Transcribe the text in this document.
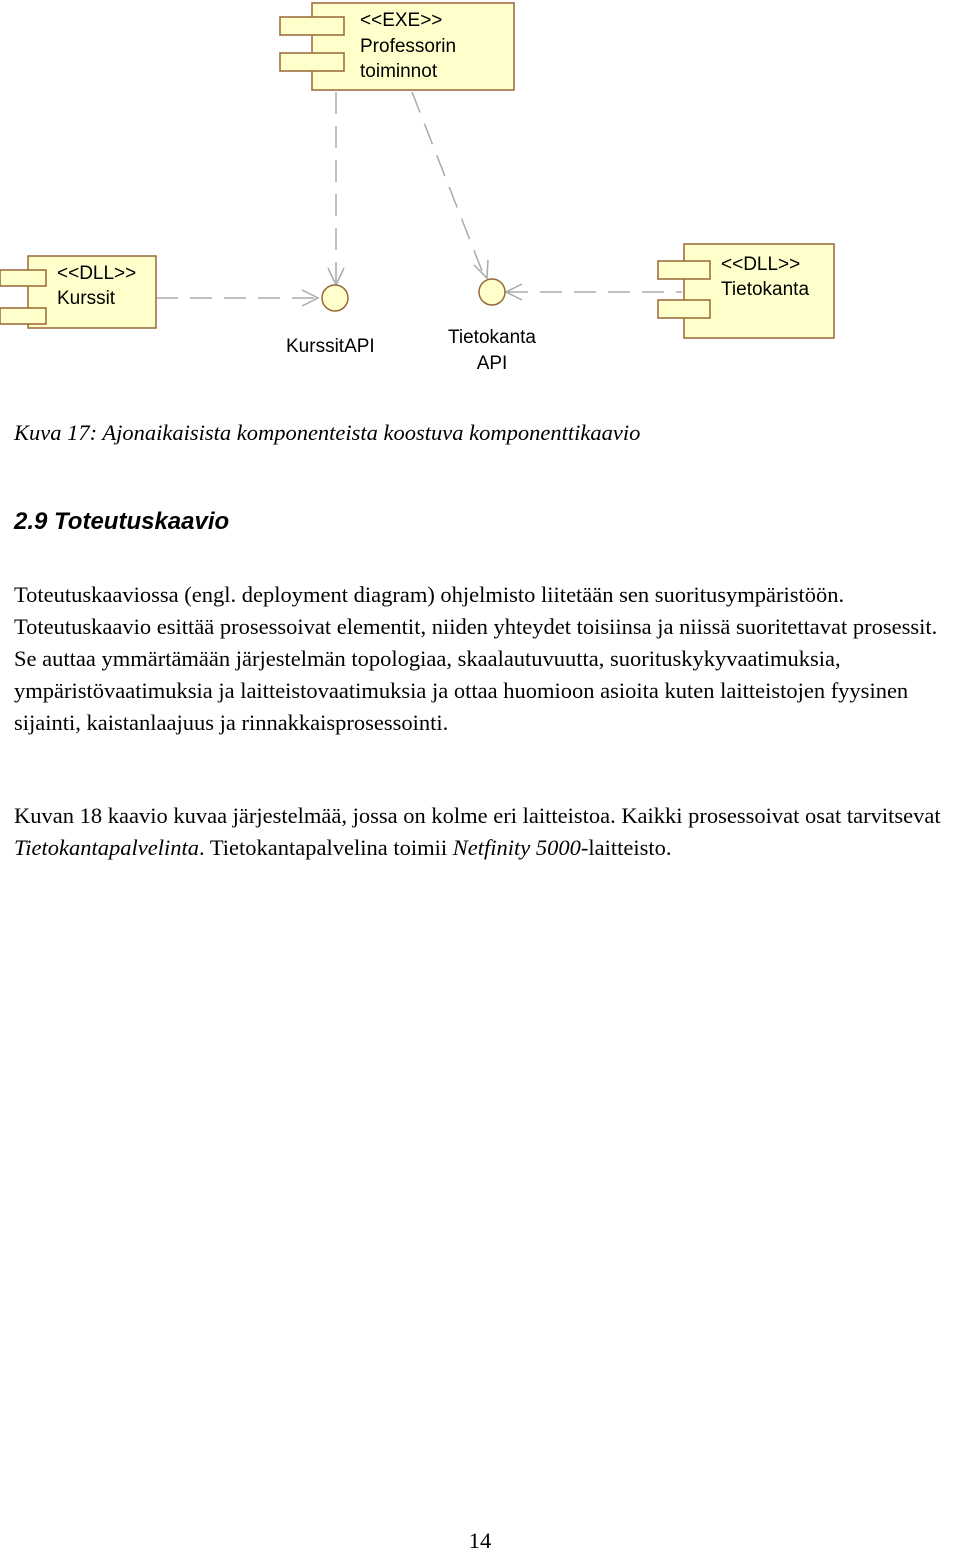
<<EXE>>
Professorin
toiminnot
<<DLL>>
Kurssit
<<DLL>>
Tietokanta
KurssitAPI	Tietokanta
API

Kuva 17: Ajonaikaisista komponenteista koostuva komponenttikaavio

2.9 Toteutuskaavio

Toteutuskaaviossa (engl. deployment diagram) ohjelmisto liitetään sen suoritusympäristöön. Toteutuskaavio esittää prosessoivat elementit, niiden yhteydet toisiinsa ja niissä suoritettavat prosessit. Se auttaa ymmärtämään järjestelmän topologiaa, skaalautuvuutta, suorituskykyvaatimuksia, ympäristövaatimuksia ja laitteistovaatimuksia ja ottaa huomioon asioita kuten laitteistojen fyysinen sijainti, kaistanlaajuus ja rinnakkaisprosessointi.

Kuvan 18 kaavio kuvaa järjestelmää, jossa on kolme eri laitteistoa. Kaikki prosessoivat osat tarvitsevat Tietokantapalvelinta. Tietokantapalvelina toimii Netfinity 5000-laitteisto.

14
